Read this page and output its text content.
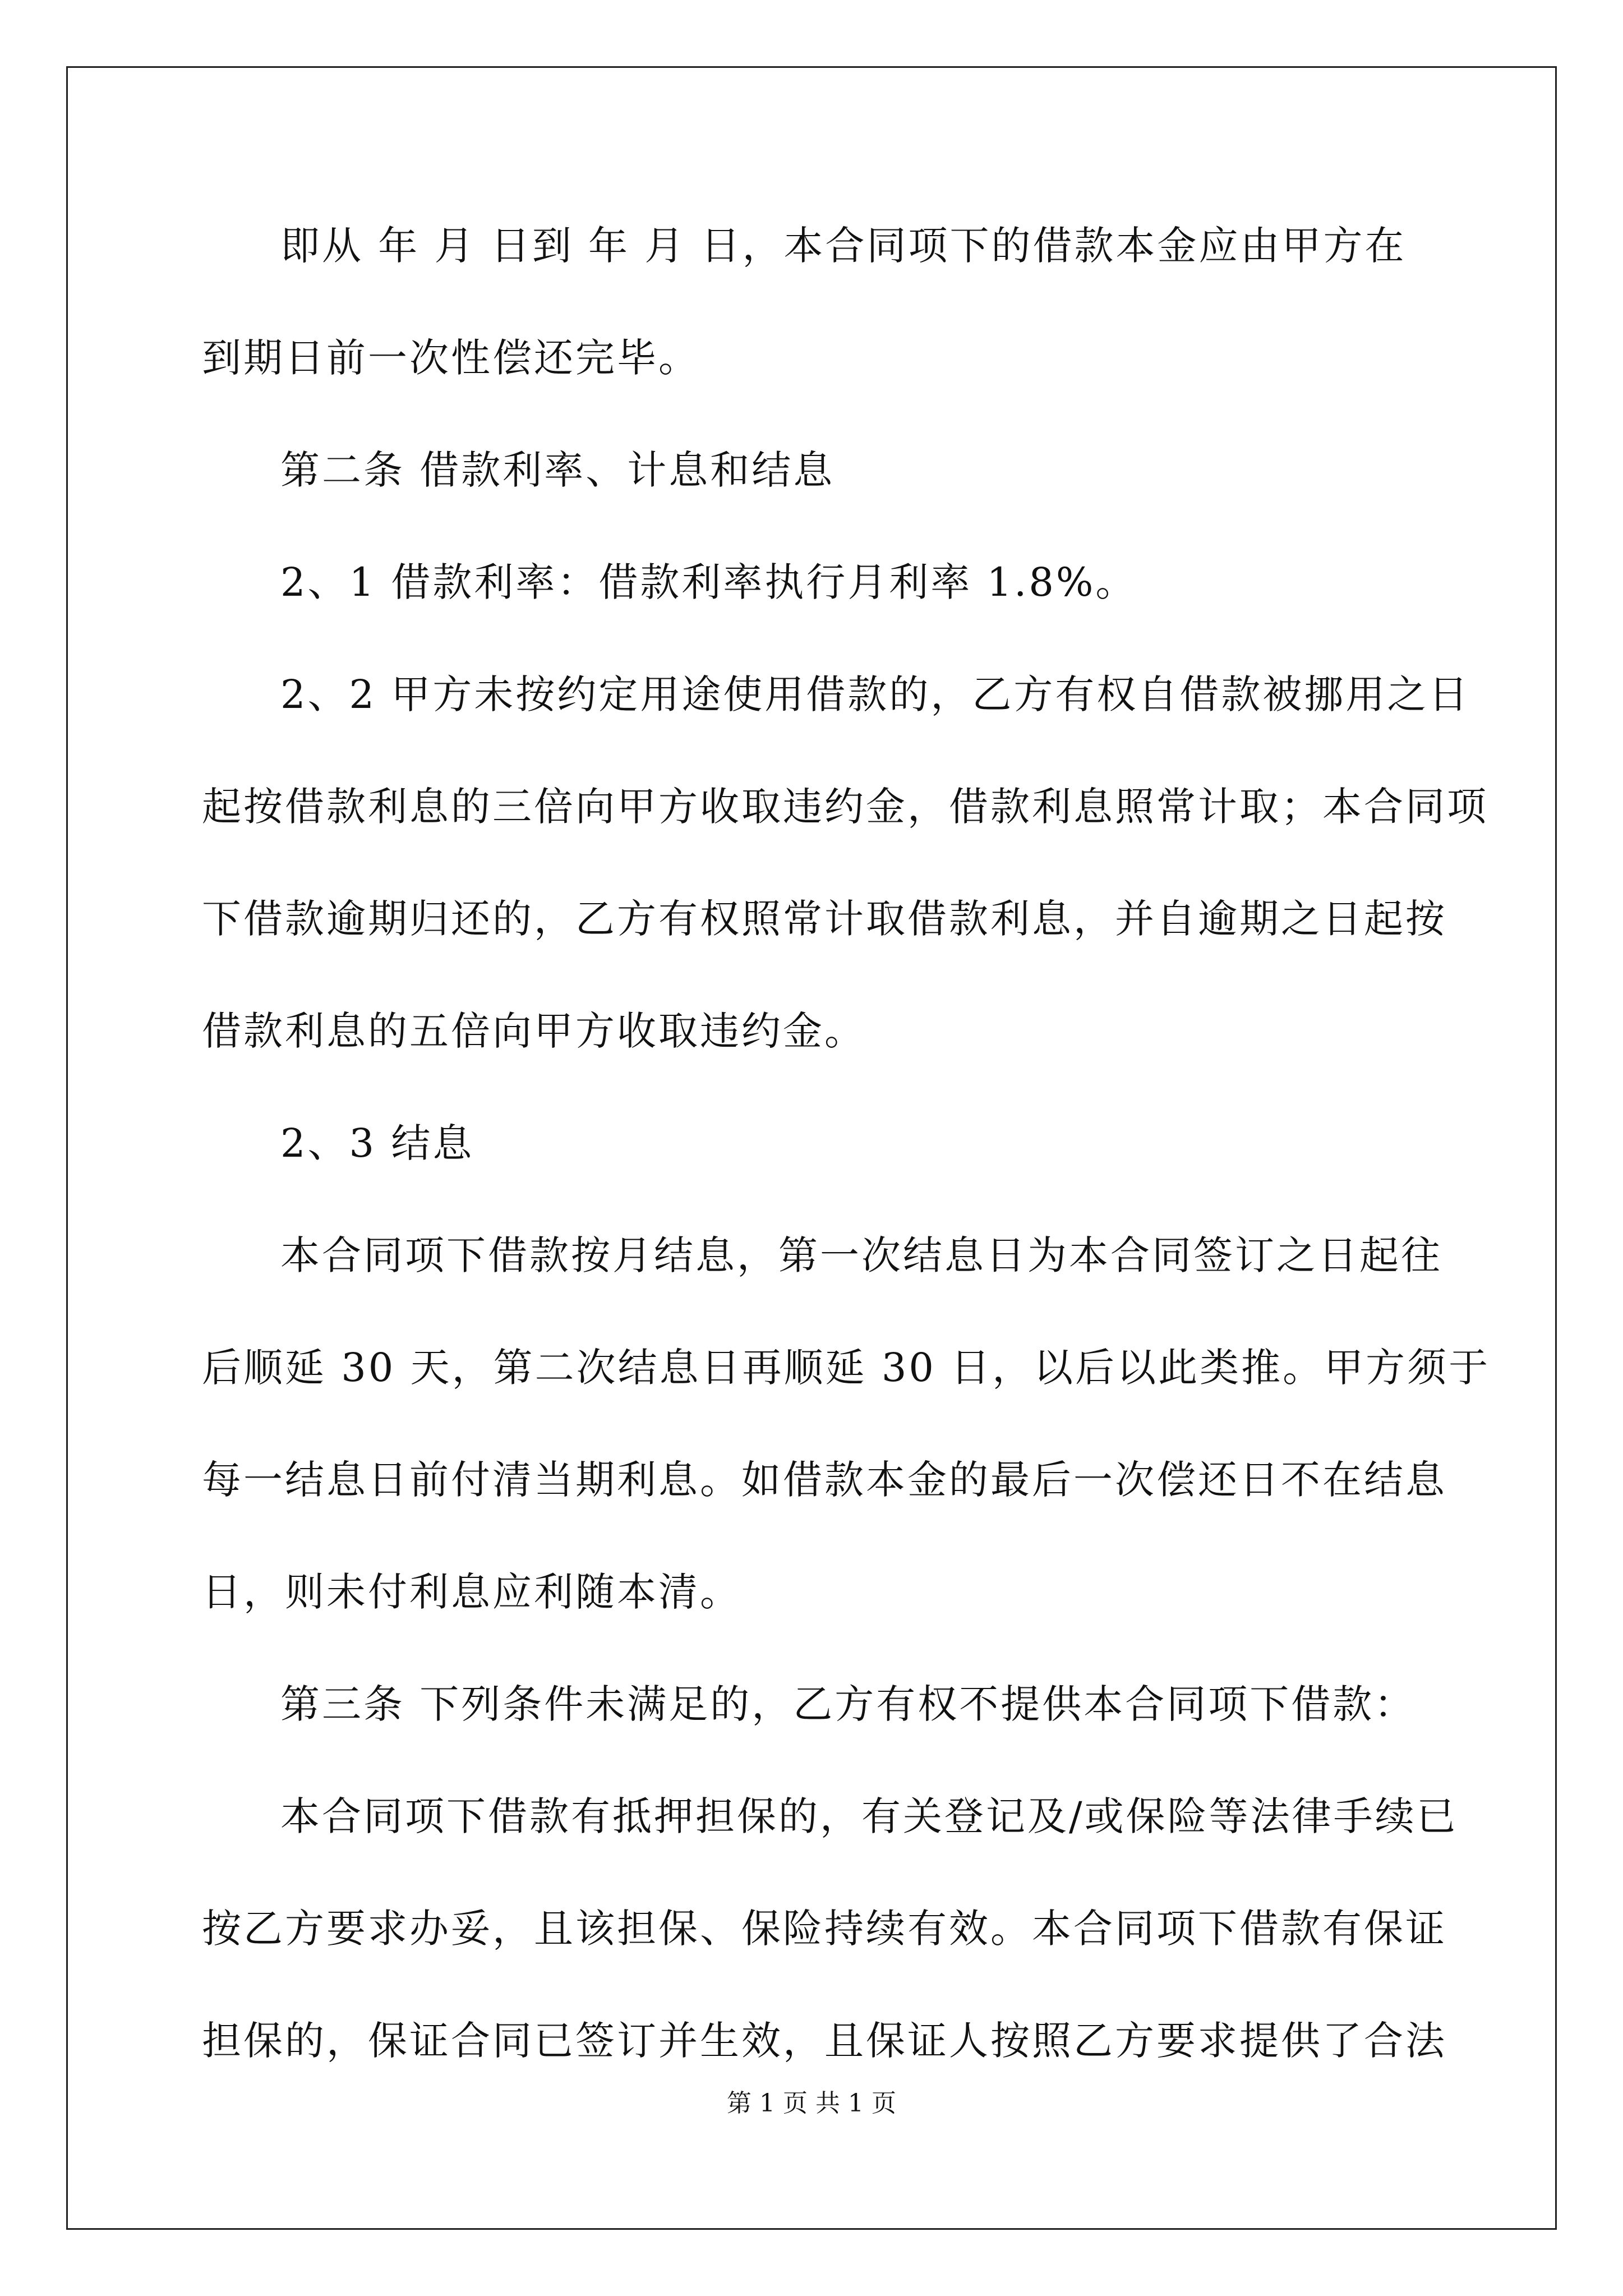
即从 年 月 日到 年 月 日，本合同项下的借款本金应由甲方在
到期日前一次性偿还完毕。
第二条 借款利率、计息和结息
2、1 借款利率：借款利率执行月利率 1.8%。
2、2 甲方未按约定用途使用借款的，乙方有权自借款被挪用之日
起按借款利息的三倍向甲方收取违约金，借款利息照常计取；本合同项
下借款逾期归还的，乙方有权照常计取借款利息，并自逾期之日起按
借款利息的五倍向甲方收取违约金。
2、3 结息
本合同项下借款按月结息，第一次结息日为本合同签订之日起往
后顺延 30 天，第二次结息日再顺延 30 日，以后以此类推。甲方须于
每一结息日前付清当期利息。如借款本金的最后一次偿还日不在结息
日，则未付利息应利随本清。
第三条 下列条件未满足的，乙方有权不提供本合同项下借款：
本合同项下借款有抵押担保的，有关登记及/或保险等法律手续已
按乙方要求办妥，且该担保、保险持续有效。本合同项下借款有保证
担保的，保证合同已签订并生效，且保证人按照乙方要求提供了合法
第 1 页 共 1 页
